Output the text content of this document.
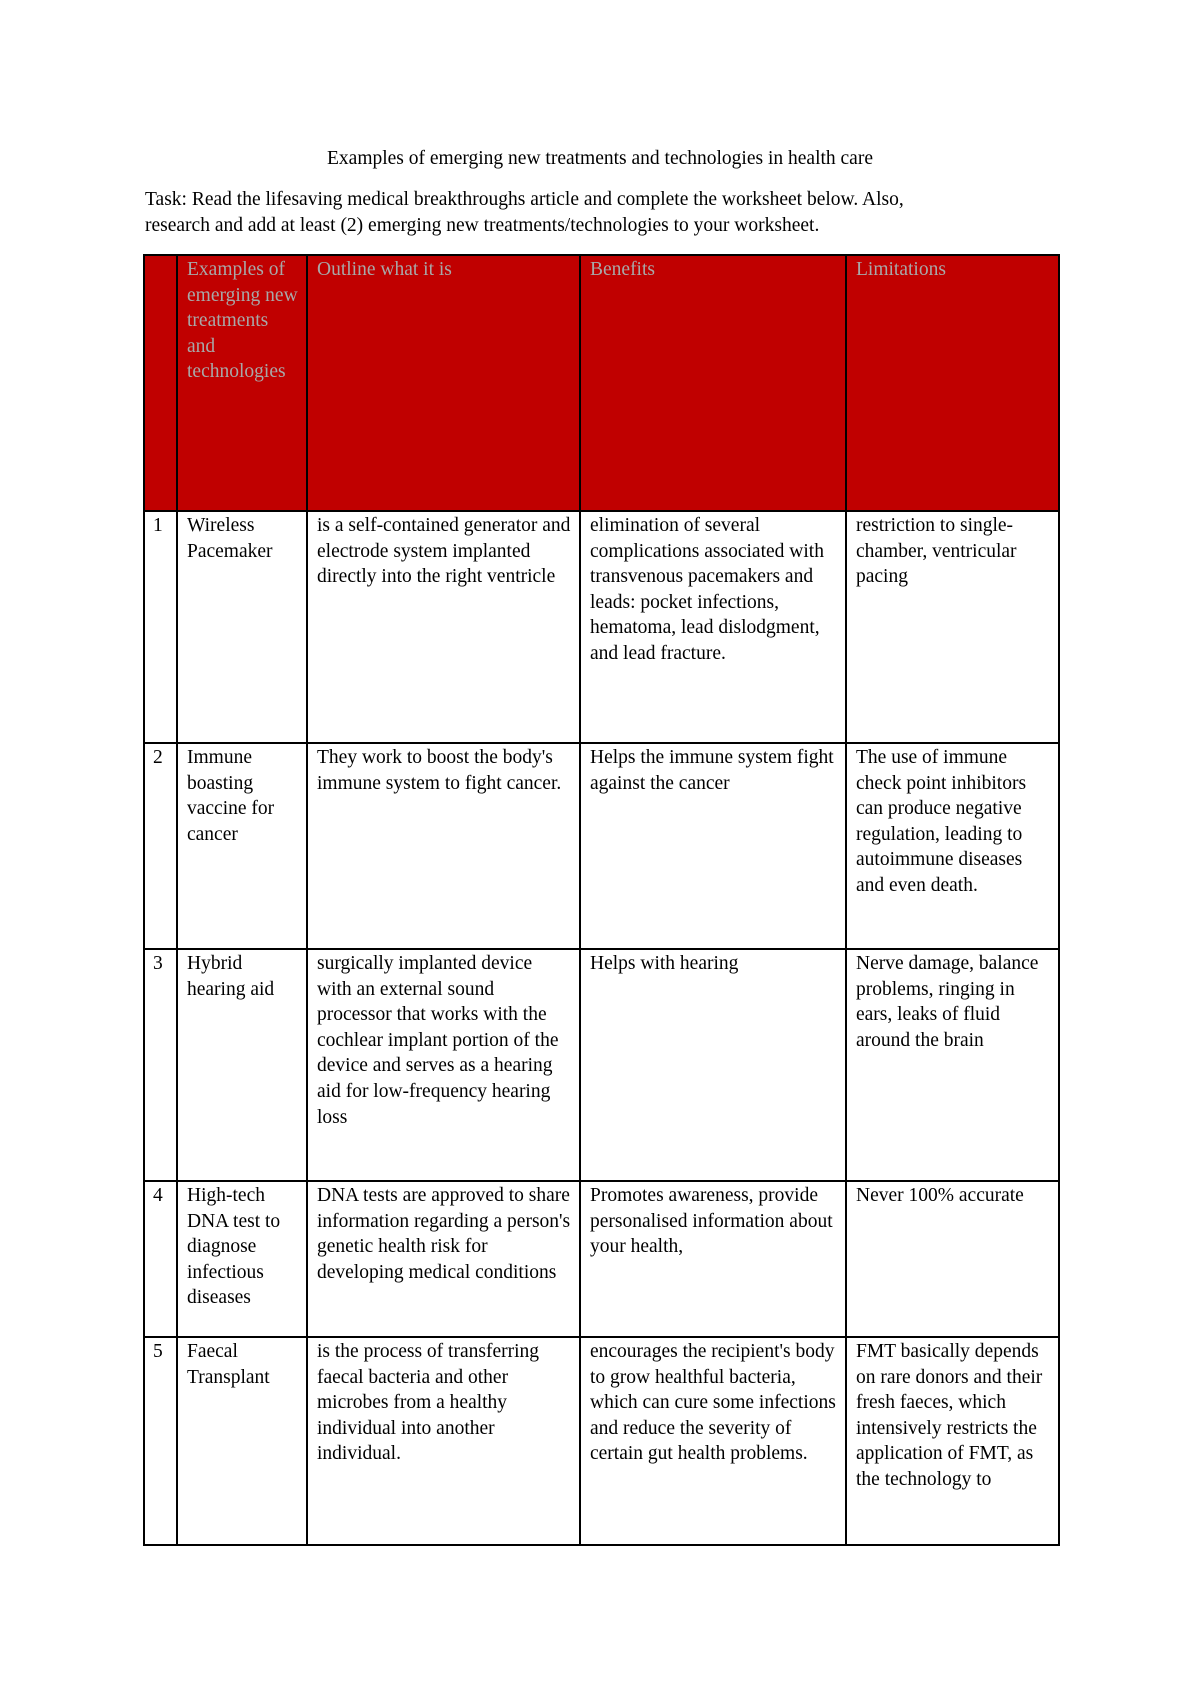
Examples of emerging new treatments and technologies in health care
Task: Read the lifesaving medical breakthroughs article and complete the worksheet below. Also,
research and add at least (2) emerging new treatments/technologies to your worksheet.

	Examples of emerging new treatments and technologies	Outline what it is	Benefits	Limitations

1	Wireless Pacemaker	is a self-contained generator and electrode system implanted directly into the right ventricle	elimination of several complications associated with transvenous pacemakers and leads: pocket infections, hematoma, lead dislodgment, and lead fracture.	restriction to single-chamber, ventricular pacing
2	Immune boasting vaccine for cancer	They work to boost the body's immune system to fight cancer.	Helps the immune system fight against the cancer	The use of immune check point inhibitors can produce negative regulation, leading to autoimmune diseases and even death.
3	Hybrid hearing aid	surgically implanted device with an external sound processor that works with the cochlear implant portion of the device and serves as a hearing aid for low-frequency hearing loss	Helps with hearing	Nerve damage, balance problems, ringing in ears, leaks of fluid around the brain
4	High-tech DNA test to diagnose infectious diseases	DNA tests are approved to share information regarding a person's genetic health risk for developing medical conditions	Promotes awareness, provide personalised information about your health,	Never 100% accurate
5	Faecal Transplant	is the process of transferring faecal bacteria and other microbes from a healthy individual into another individual.	encourages the recipient's body to grow healthful bacteria, which can cure some infections and reduce the severity of certain gut health problems.	FMT basically depends on rare donors and their fresh faeces, which intensively restricts the application of FMT, as the technology to
